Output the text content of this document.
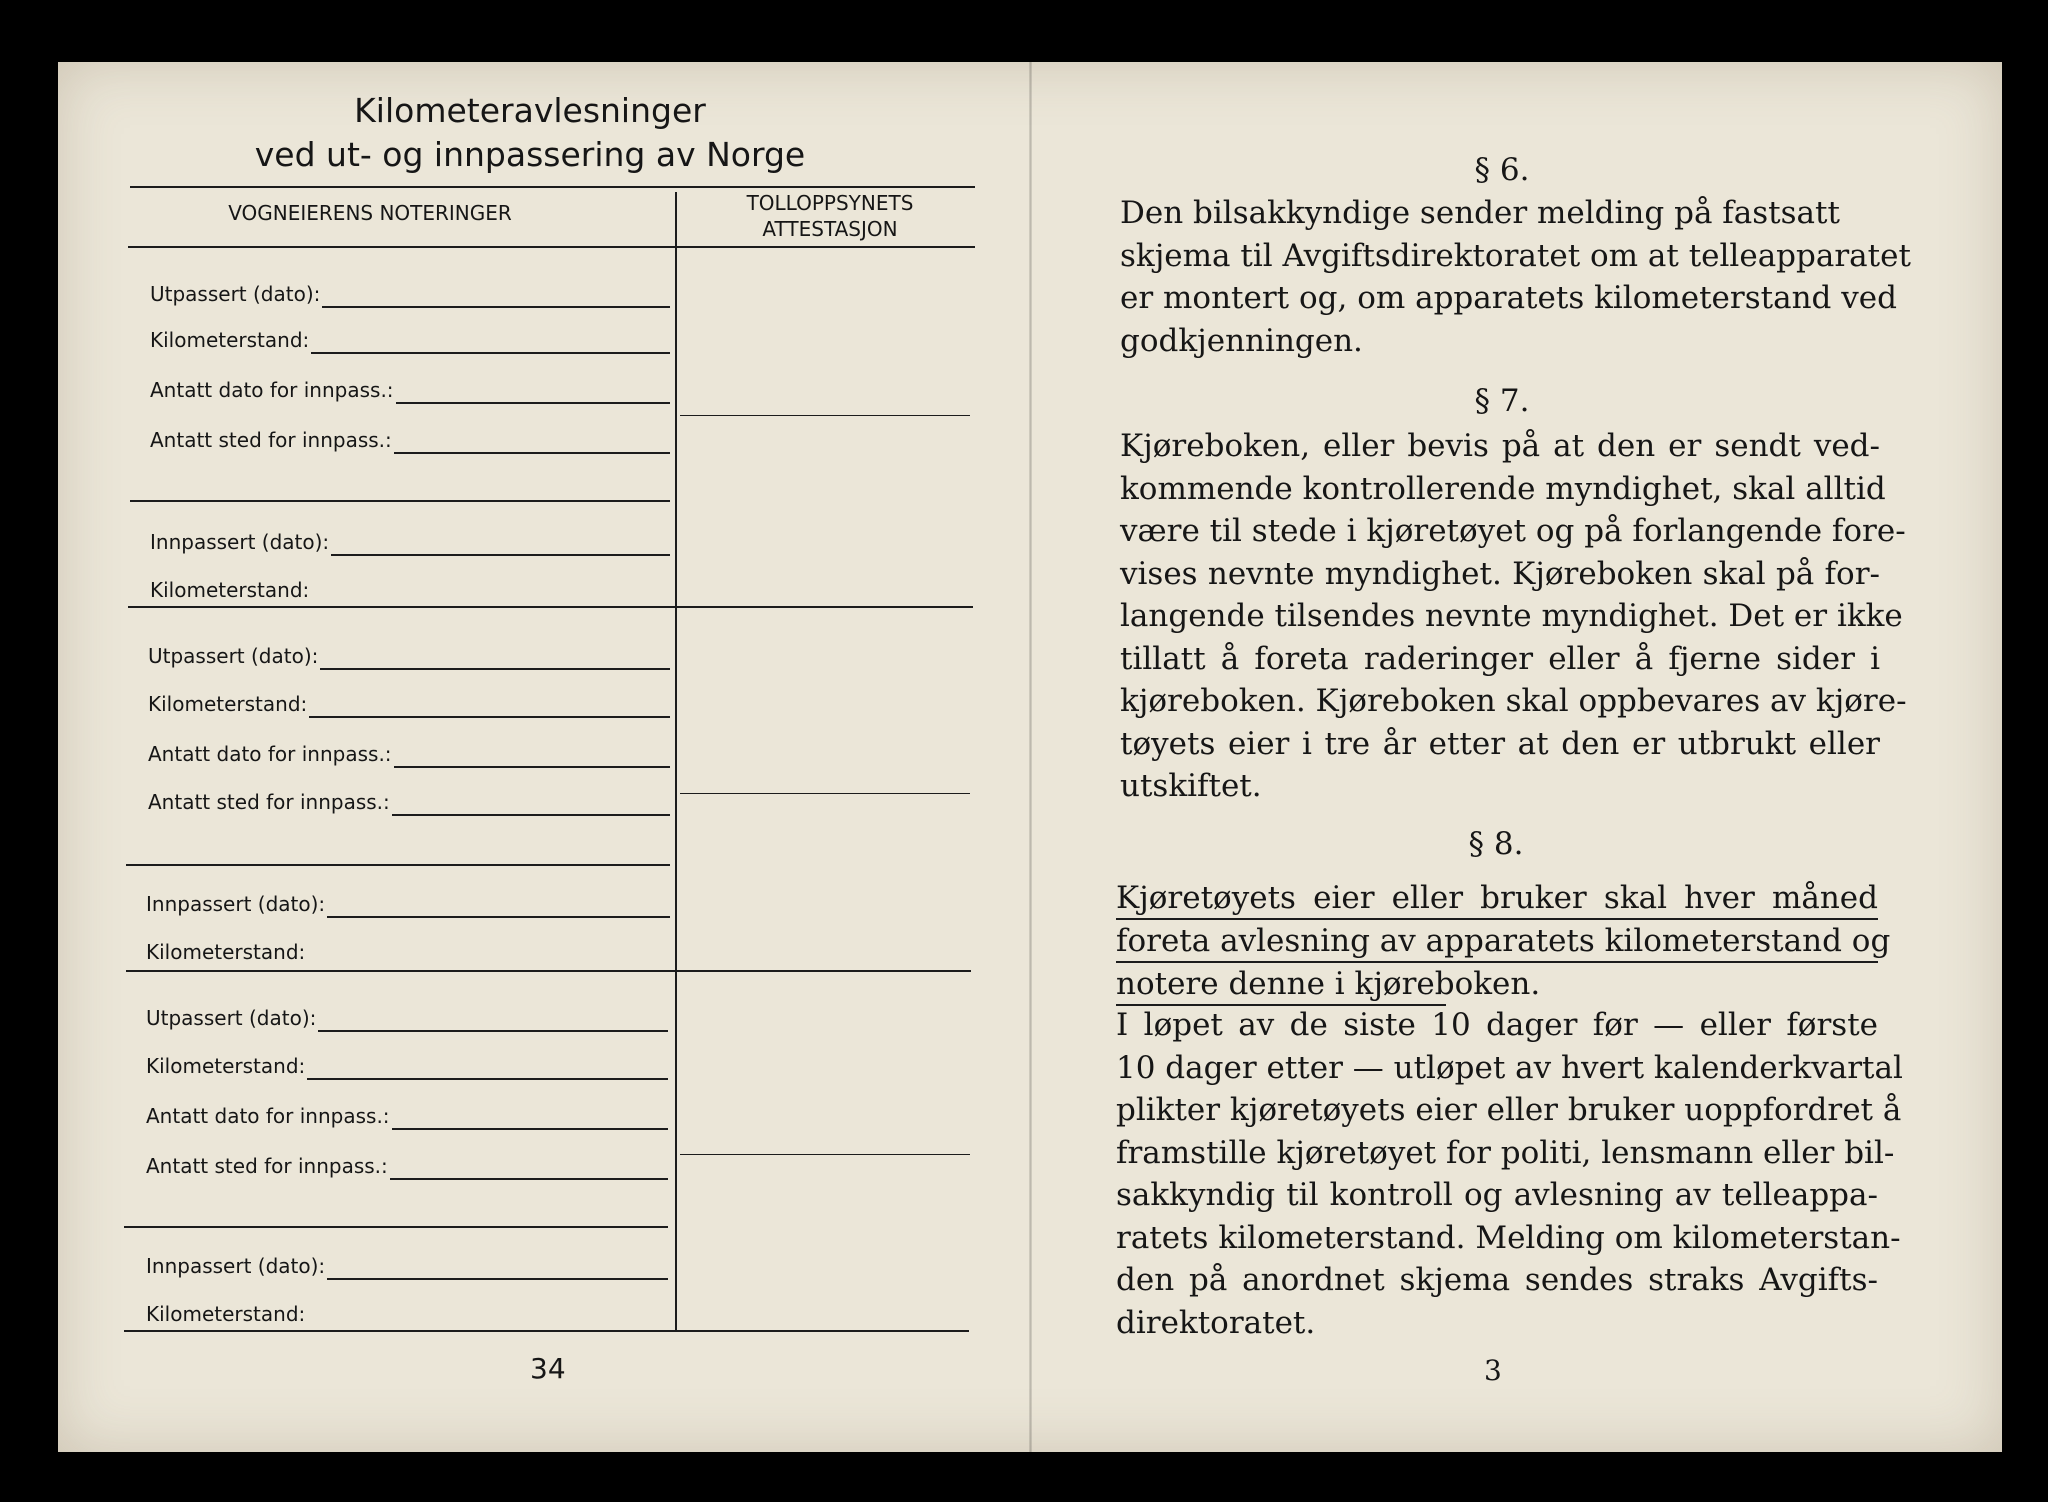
Kilometeravlesninger
ved ut- og innpassering av Norge
VOGNEIERENS NOTERINGER	TOLLOPPSYNETS
ATTESTASJON
Utpassert (dato):
Kilometerstand:
Antatt dato for innpass.:
Antatt sted for innpass.:
Innpassert (dato):
Kilometerstand:
Utpassert (dato):
Kilometerstand:
Antatt dato for innpass.:
Antatt sted for innpass.:
Innpassert (dato):
Kilometerstand:
Utpassert (dato):
Kilometerstand:
Antatt dato for innpass.:
Antatt sted for innpass.:
Innpassert (dato):
Kilometerstand:
34
§ 6.
Den bilsakkyndige sender melding på fastsatt
skjema til Avgiftsdirektoratet om at telleapparatet
er montert og, om apparatets kilometerstand ved
godkjenningen.
§ 7.
Kjøreboken, eller bevis på at den er sendt ved-
kommende kontrollerende myndighet, skal alltid
være til stede i kjøretøyet og på forlangende fore-
vises nevnte myndighet. Kjøreboken skal på for-
langende tilsendes nevnte myndighet. Det er ikke
tillatt å foreta raderinger eller å fjerne sider i
kjøreboken. Kjøreboken skal oppbevares av kjøre-
tøyets eier i tre år etter at den er utbrukt eller
utskiftet.
§ 8.
Kjøretøyets eier eller bruker skal hver måned
foreta avlesning av apparatets kilometerstand og
notere denne i kjøreboken.
I løpet av de siste 10 dager før — eller første
10 dager etter — utløpet av hvert kalenderkvartal
plikter kjøretøyets eier eller bruker uoppfordret å
framstille kjøretøyet for politi, lensmann eller bil-
sakkyndig til kontroll og avlesning av telleappa-
ratets kilometerstand. Melding om kilometerstan-
den på anordnet skjema sendes straks Avgifts-
direktoratet.
3
